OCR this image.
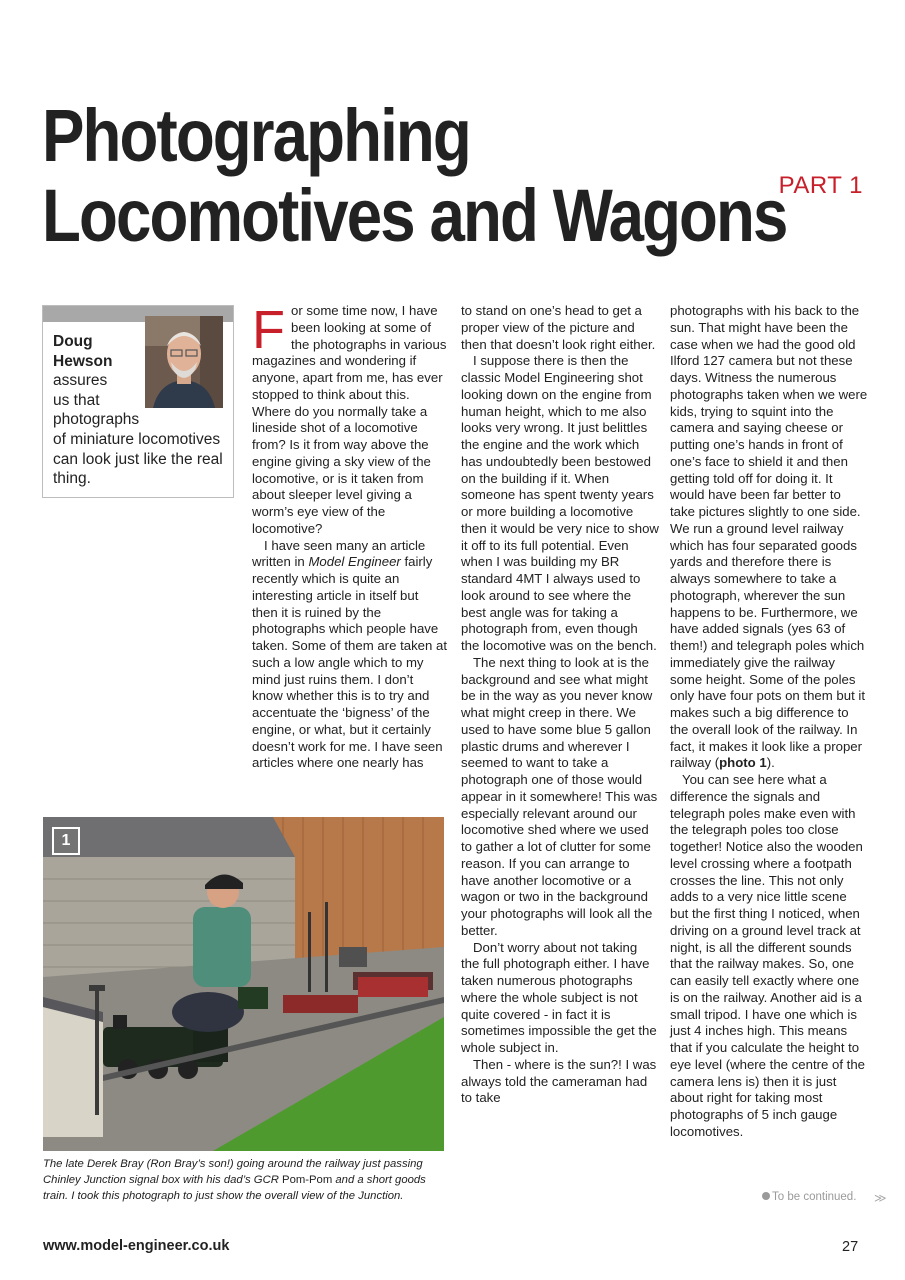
Photographing
Locomotives and Wagons
PART 1
Doug
Hewson
assures
us that
photographs
of miniature locomotives can look just like the real thing.

For some time now, I have been looking at some of the photographs in various magazines and wondering if anyone, apart from me, has ever stopped to think about this. Where do you normally take a lineside shot of a locomotive from? Is it from way above the engine giving a sky view of the locomotive, or is it taken from about sleeper level giving a worm’s eye view of the locomotive?

I have seen many an article written in Model Engineer fairly recently which is quite an interesting article in itself but then it is ruined by the photographs which people have taken. Some of them are taken at such a low angle which to my mind just ruins them. I don’t know whether this is to try and accentuate the ‘bigness’ of the engine, or what, but it certainly doesn’t work for me. I have seen articles where one nearly has

to stand on one’s head to get a proper view of the picture and then that doesn’t look right either.

I suppose there is then the classic Model Engineering shot looking down on the engine from human height, which to me also looks very wrong. It just belittles the engine and the work which has undoubtedly been bestowed on the building if it. When someone has spent twenty years or more building a locomotive then it would be very nice to show it off to its full potential. Even when I was building my BR standard 4MT I always used to look around to see where the best angle was for taking a photograph from, even though the locomotive was on the bench.

The next thing to look at is the background and see what might be in the way as you never know what might creep in there. We used to have some blue 5 gallon plastic drums and wherever I seemed to want to take a photograph one of those would appear in it somewhere! This was especially relevant around our locomotive shed where we used to gather a lot of clutter for some reason. If you can arrange to have another locomotive or a wagon or two in the background your photographs will look all the better.

Don’t worry about not taking the full photograph either. I have taken numerous photographs where the whole subject is not quite covered - in fact it is sometimes impossible the get the whole subject in.

Then - where is the sun?! I was always told the cameraman had to take

photographs with his back to the sun. That might have been the case when we had the good old Ilford 127 camera but not these days. Witness the numerous photographs taken when we were kids, trying to squint into the camera and saying cheese or putting one’s hands in front of one’s face to shield it and then getting told off for doing it. It would have been far better to take pictures slightly to one side. We run a ground level railway which has four separated goods yards and therefore there is always somewhere to take a photograph, wherever the sun happens to be. Furthermore, we have added signals (yes 63 of them!) and telegraph poles which immediately give the railway some height. Some of the poles only have four pots on them but it makes such a big difference to the overall look of the railway. In fact, it makes it look like a proper railway (photo 1).

You can see here what a difference the signals and telegraph poles make even with the telegraph poles too close together! Notice also the wooden level crossing where a footpath crosses the line. This not only adds to a very nice little scene but the first thing I noticed, when driving on a ground level track at night, is all the different sounds that the railway makes. So, one can easily tell exactly where one is on the railway. Another aid is a small tripod. I have one which is just 4 inches high. This means that if you calculate the height to eye level (where the centre of the camera lens is) then it is just about right for taking most photographs of 5 inch gauge locomotives.

1
The late Derek Bray (Ron Bray’s son!) going around the railway just passing Chinley Junction signal box with his dad’s GCR Pom-Pom and a short goods train. I took this photograph to just show the overall view of the Junction.	To be continued. ≫
www.model-engineer.co.uk	27
